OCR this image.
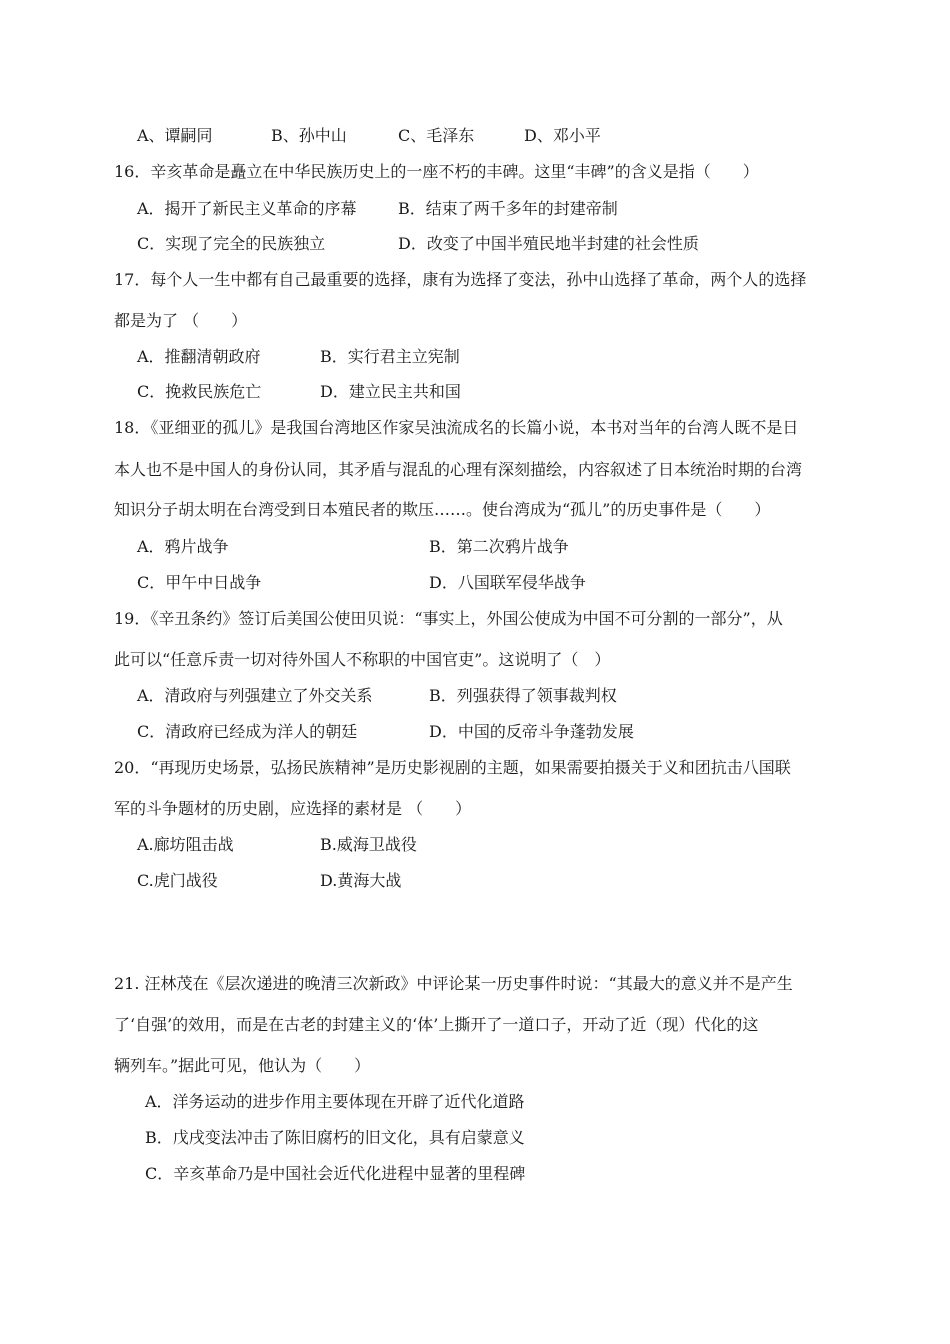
A、谭嗣同	B、孙中山	C、毛泽东	D、邓小平
16．辛亥革命是矗立在中华民族历史上的一座不朽的丰碑。这里“丰碑”的含义是指（　　）
A．揭开了新民主义革命的序幕	B．结束了两千多年的封建帝制
C．实现了完全的民族独立	D．改变了中国半殖民地半封建的社会性质
17．每个人一生中都有自己最重要的选择，康有为选择了变法，孙中山选择了革命，两个人的选择
都是为了 （　　）
A．推翻清朝政府	B．实行君主立宪制
C．挽救民族危亡	D．建立民主共和国
18．《亚细亚的孤儿》是我国台湾地区作家吴浊流成名的长篇小说，本书对当年的台湾人既不是日
本人也不是中国人的身份认同，其矛盾与混乱的心理有深刻描绘，内容叙述了日本统治时期的台湾
知识分子胡太明在台湾受到日本殖民者的欺压……。使台湾成为“孤儿”的历史事件是（　　）
A．鸦片战争	B．第二次鸦片战争
C．甲午中日战争	D．八国联军侵华战争
19．《辛丑条约》签订后美国公使田贝说：“事实上，外国公使成为中国不可分割的一部分”，从
此可以“任意斥责一切对待外国人不称职的中国官吏”。这说明了（　）
A．清政府与列强建立了外交关系	B．列强获得了领事裁判权
C．清政府已经成为洋人的朝廷	D．中国的反帝斗争蓬勃发展
20．“再现历史场景，弘扬民族精神”是历史影视剧的主题，如果需要拍摄关于义和团抗击八国联
军的斗争题材的历史剧，应选择的素材是 （　　）
A.廊坊阻击战	B.威海卫战役
C.虎门战役	D.黄海大战
21. 汪林茂在《层次递进的晚清三次新政》中评论某一历史事件时说：“其最大的意义并不是产生
了‘自强’的效用，而是在古老的封建主义的‘体’上撕开了一道口子，开动了近（现）代化的这
辆列车。”据此可见，他认为（　　）
A．洋务运动的进步作用主要体现在开辟了近代化道路
B．戊戌变法冲击了陈旧腐朽的旧文化，具有启蒙意义
C．辛亥革命乃是中国社会近代化进程中显著的里程碑
